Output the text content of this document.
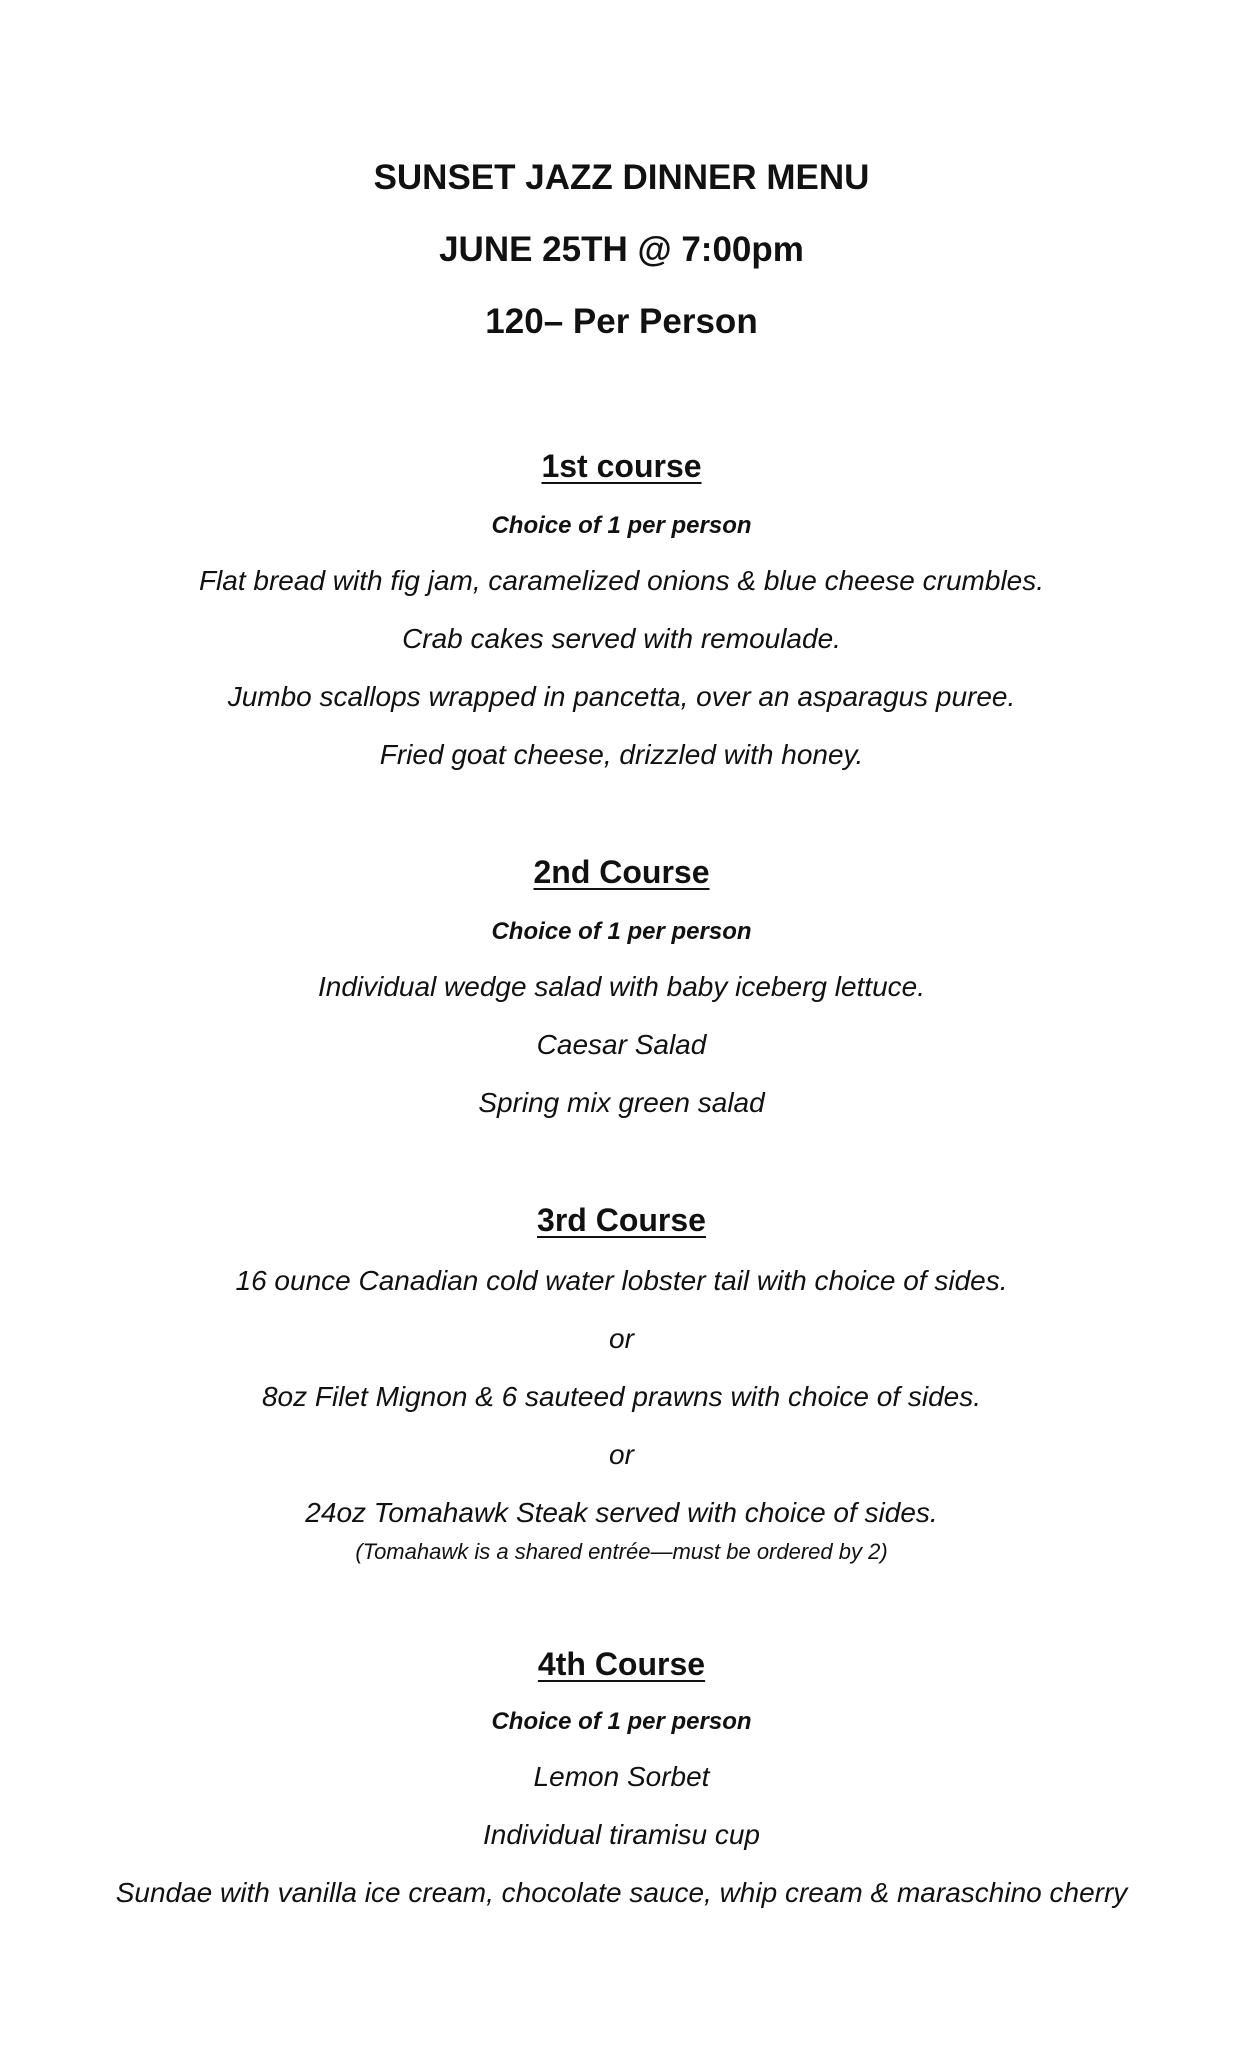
SUNSET JAZZ DINNER MENU

JUNE 25TH @ 7:00pm

120– Per Person

1st course

Choice of 1 per person

Flat bread with fig jam, caramelized onions & blue cheese crumbles.

Crab cakes served with remoulade.

Jumbo scallops wrapped in pancetta, over an asparagus puree.

Fried goat cheese, drizzled with honey.

2nd Course

Choice of 1 per person

Individual wedge salad with baby iceberg lettuce.

Caesar Salad

Spring mix green salad

3rd Course

16 ounce Canadian cold water lobster tail with choice of sides.

or

8oz Filet Mignon & 6 sauteed prawns with choice of sides.

or

24oz Tomahawk Steak served with choice of sides.

(Tomahawk is a shared entrée—must be ordered by 2)

4th Course

Choice of 1 per person

Lemon Sorbet

Individual tiramisu cup

Sundae with vanilla ice cream, chocolate sauce, whip cream & maraschino cherry
